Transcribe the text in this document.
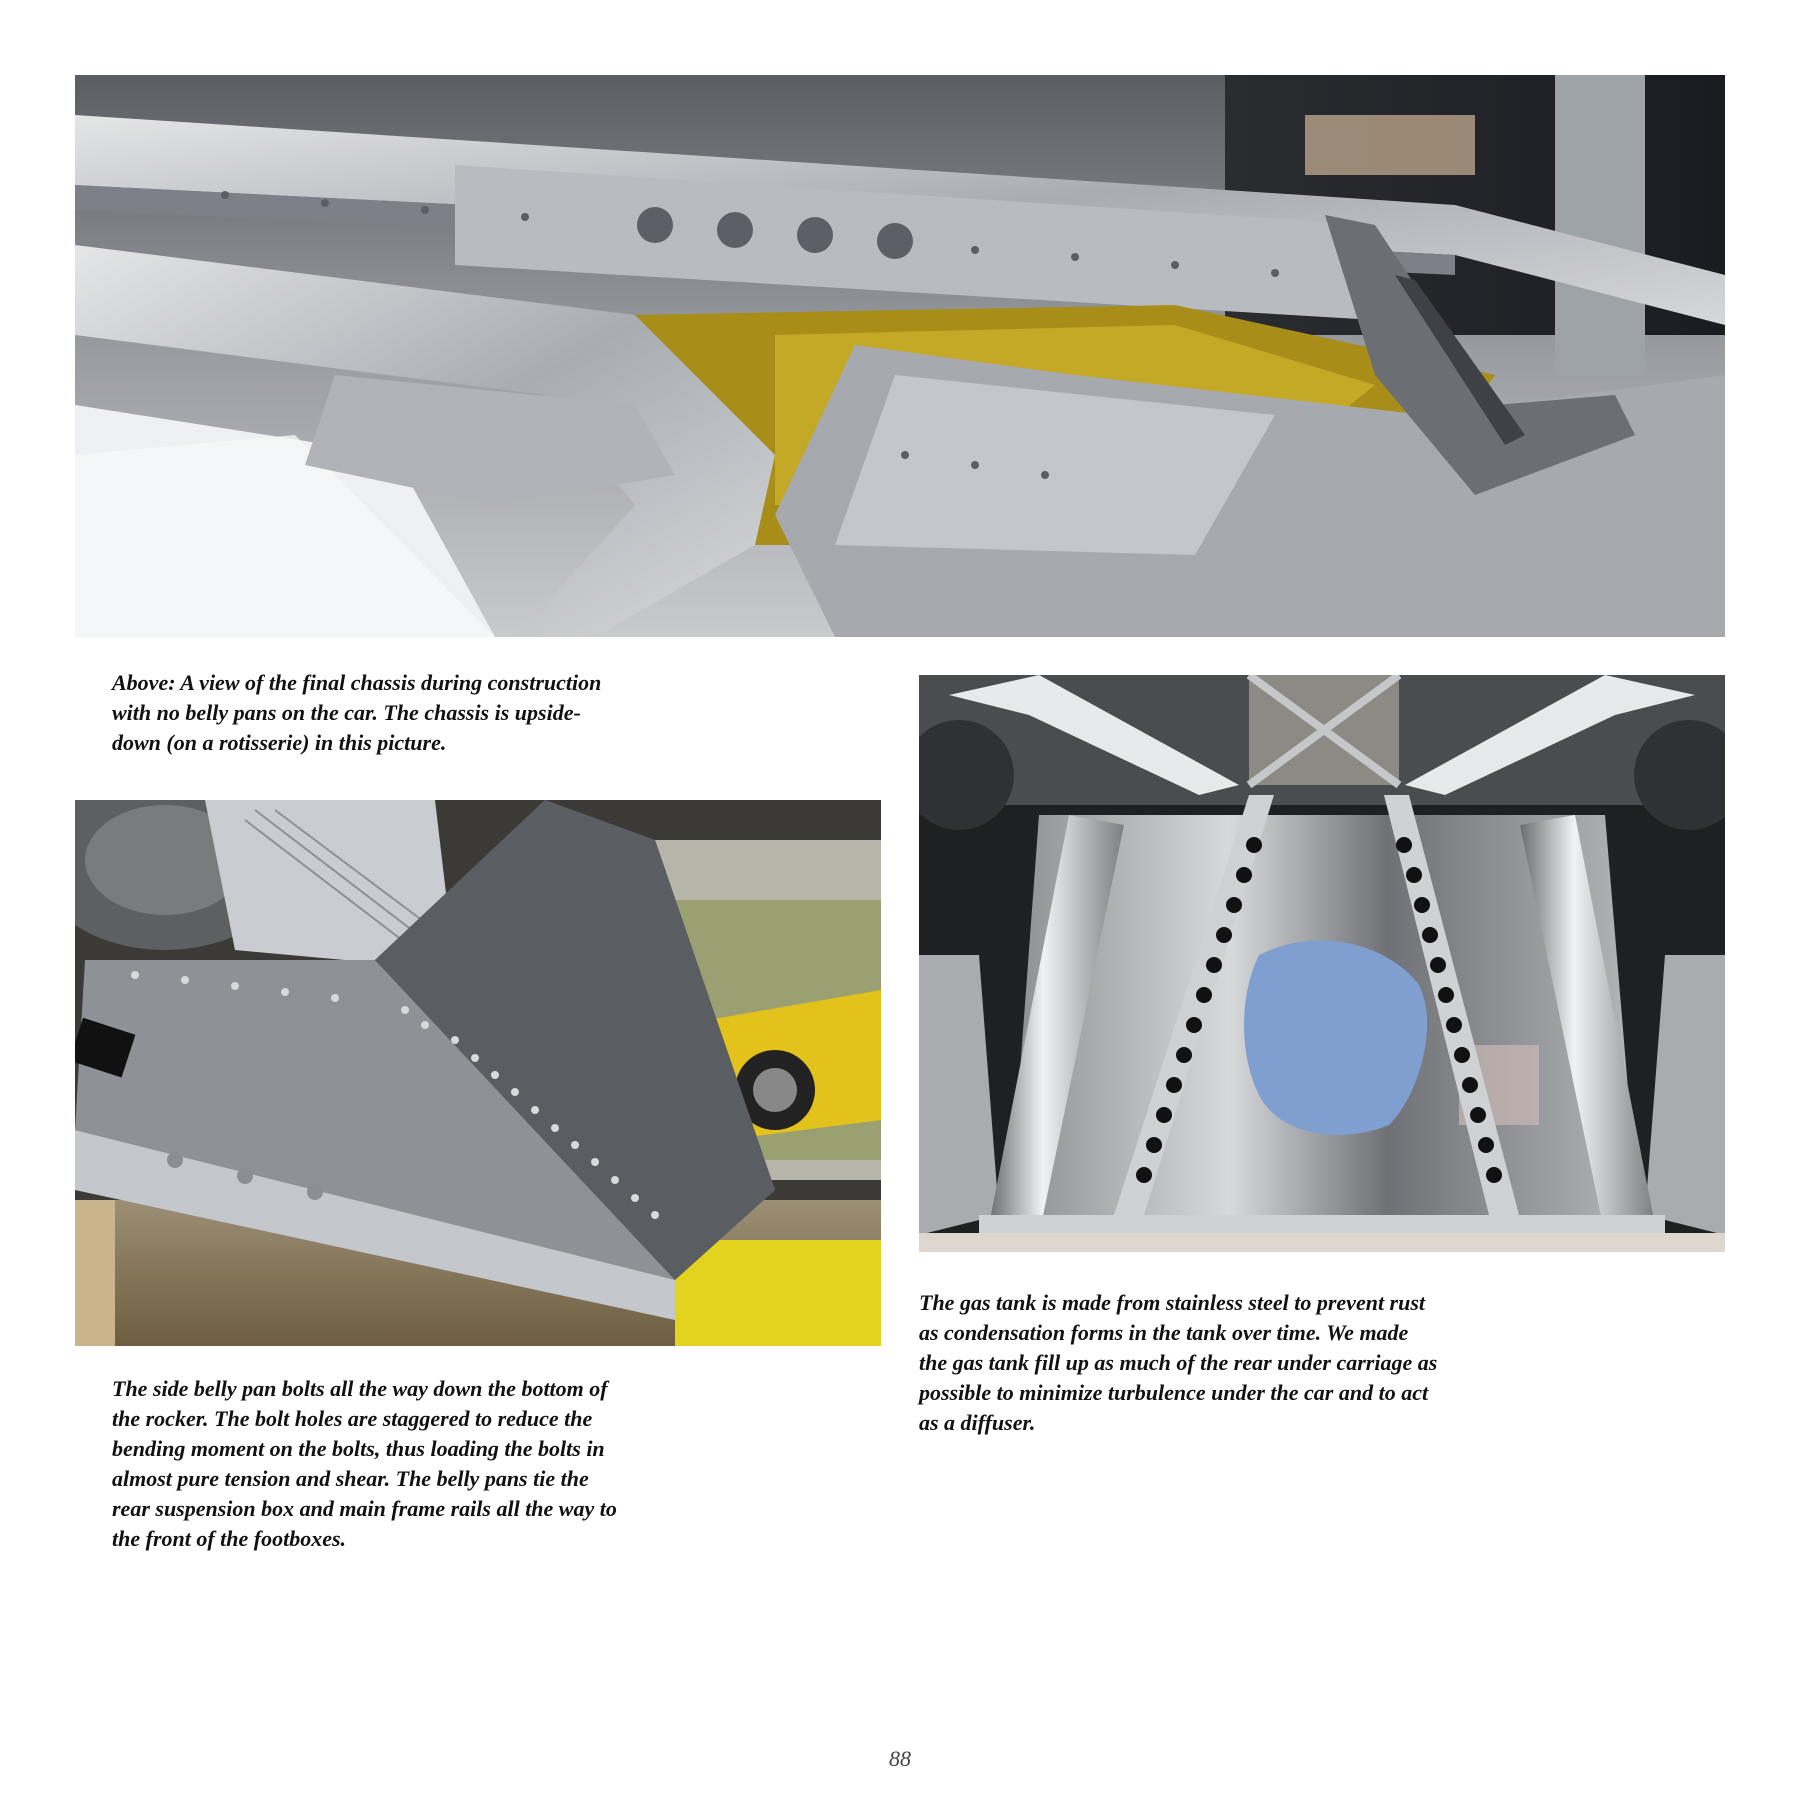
Above: A view of the final chassis during construction
with no belly pans on the car. The chassis is upside-
down (on a rotisserie) in this picture.

The side belly pan bolts all the way down the bottom of
the rocker. The bolt holes are staggered to reduce the
bending moment on the bolts, thus loading the bolts in
almost pure tension and shear. The belly pans tie the
rear suspension box and main frame rails all the way to
the front of the footboxes.

The gas tank is made from stainless steel to prevent rust
as condensation forms in the tank over time. We made
the gas tank fill up as much of the rear under carriage as
possible to minimize turbulence under the car and to act
as a diffuser.

88
